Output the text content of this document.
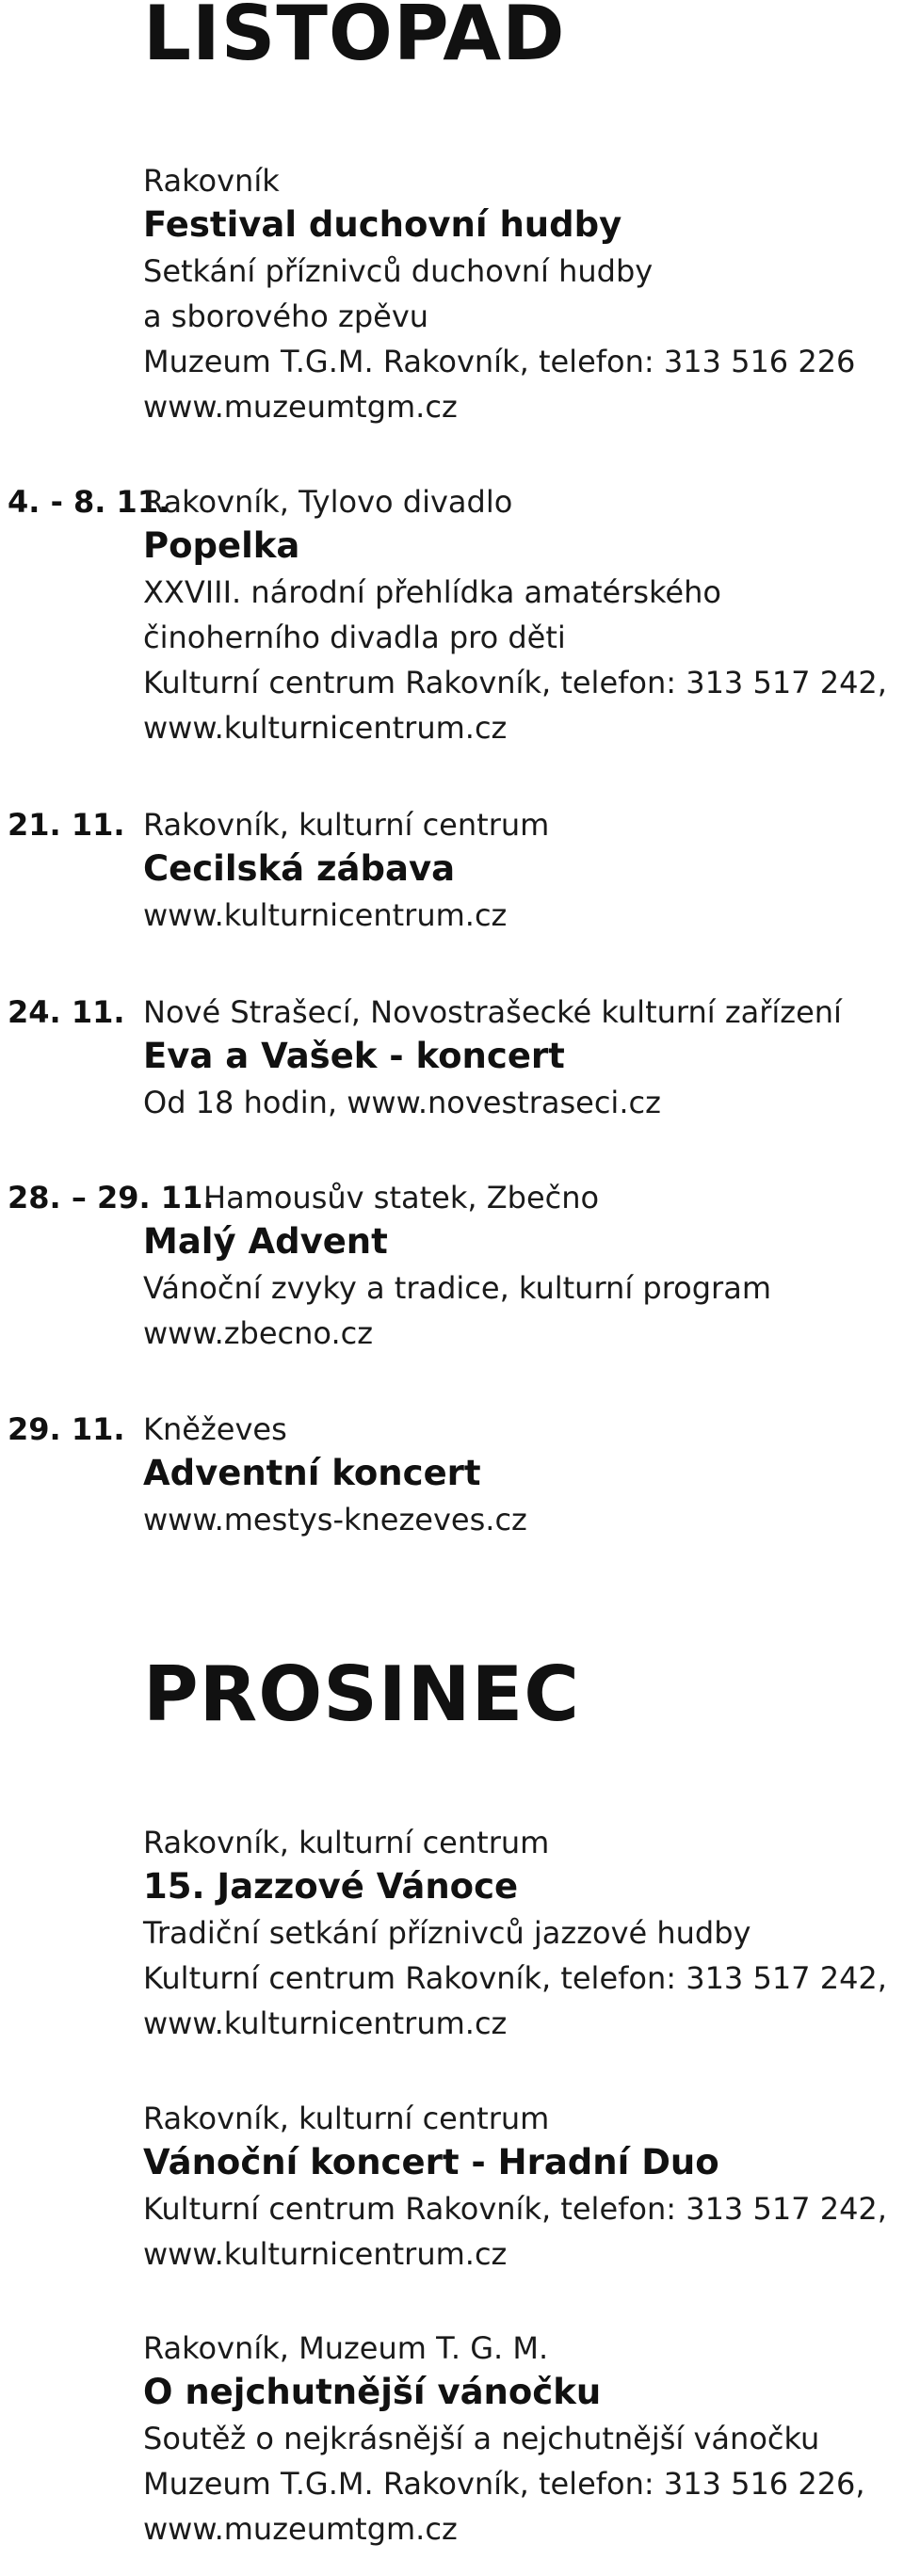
LISTOPAD
Rakovník
Festival duchovní hudby
Setkání příznivců duchovní hudby
a sborového zpěvu
Muzeum T.G.M. Rakovník, telefon: 313 516 226
www.muzeumtgm.cz
4. - 8. 11.
Rakovník, Tylovo divadlo
Popelka
XXVIII. národní přehlídka amatérského
činoherního divadla pro děti
Kulturní centrum Rakovník, telefon: 313 517 242,
www.kulturnicentrum.cz
21. 11. Rakovník, kulturní centrum
Cecilská zábava
www.kulturnicentrum.cz
24. 11. Nové Strašecí, Novostrašecké kulturní zařízení
Eva a Vašek - koncert
Od 18 hodin, www.novestraseci.cz
28. – 29. 11.
Hamousův statek, Zbečno
Malý Advent
Vánoční zvyky a tradice, kulturní program
www.zbecno.cz
29. 11. Kněževes
Adventní koncert
www.mestys-knezeves.cz
PROSINEC
Rakovník, kulturní centrum
15. Jazzové Vánoce
Tradiční setkání příznivců jazzové hudby
Kulturní centrum Rakovník, telefon: 313 517 242,
www.kulturnicentrum.cz
Rakovník, kulturní centrum
Vánoční koncert - Hradní Duo
Kulturní centrum Rakovník, telefon: 313 517 242,
www.kulturnicentrum.cz
Rakovník, Muzeum T. G. M.
O nejchutnější vánočku
Soutěž o nejkrásnější a nejchutnější vánočku
Muzeum T.G.M. Rakovník, telefon: 313 516 226,
www.muzeumtgm.cz
